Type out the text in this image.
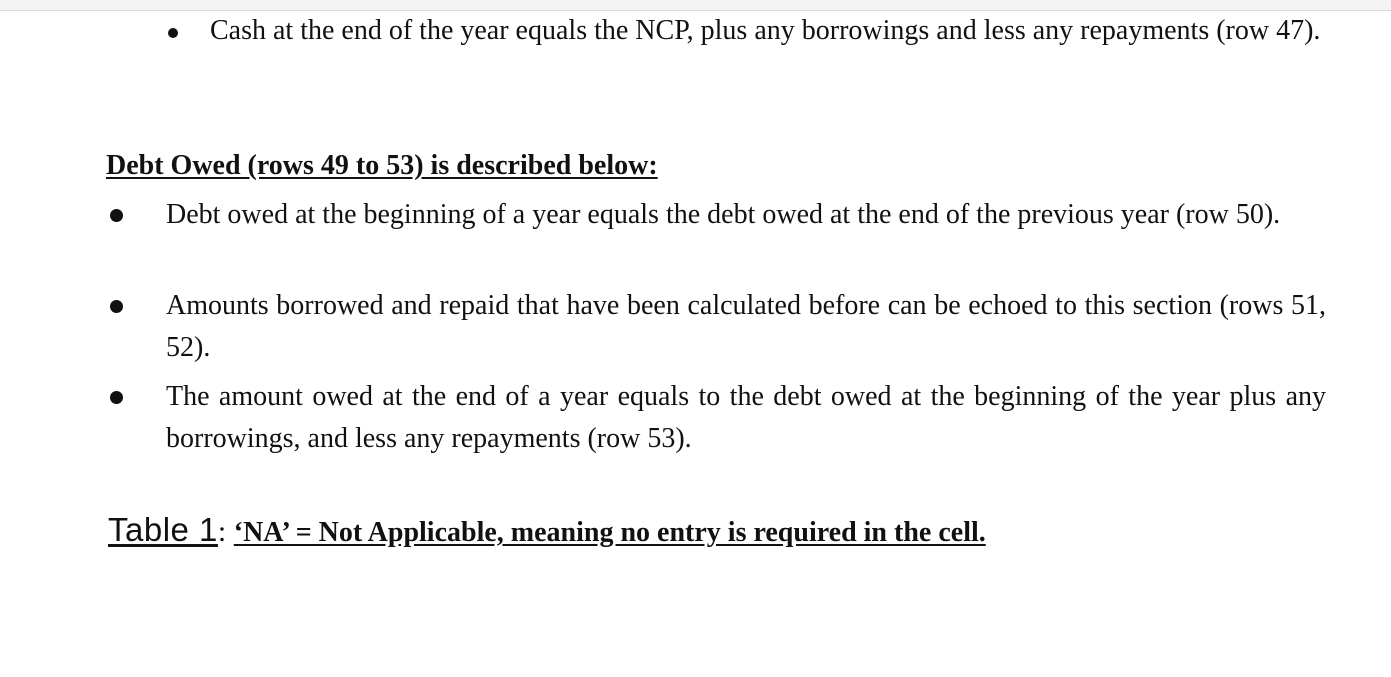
Cash at the end of the year equals the NCP, plus any borrowings and less any repayments (row 47).
Debt Owed (rows 49 to 53) is described below:
Debt owed at the beginning of a year equals the debt owed at the end of the previous year (row 50).
Amounts borrowed and repaid that have been calculated before can be echoed to this section (rows 51, 52).
The amount owed at the end of a year equals to the debt owed at the beginning of the year plus any borrowings, and less any repayments (row 53).
Table 1: ‘NA’ = Not Applicable, meaning no entry is required in the cell.
